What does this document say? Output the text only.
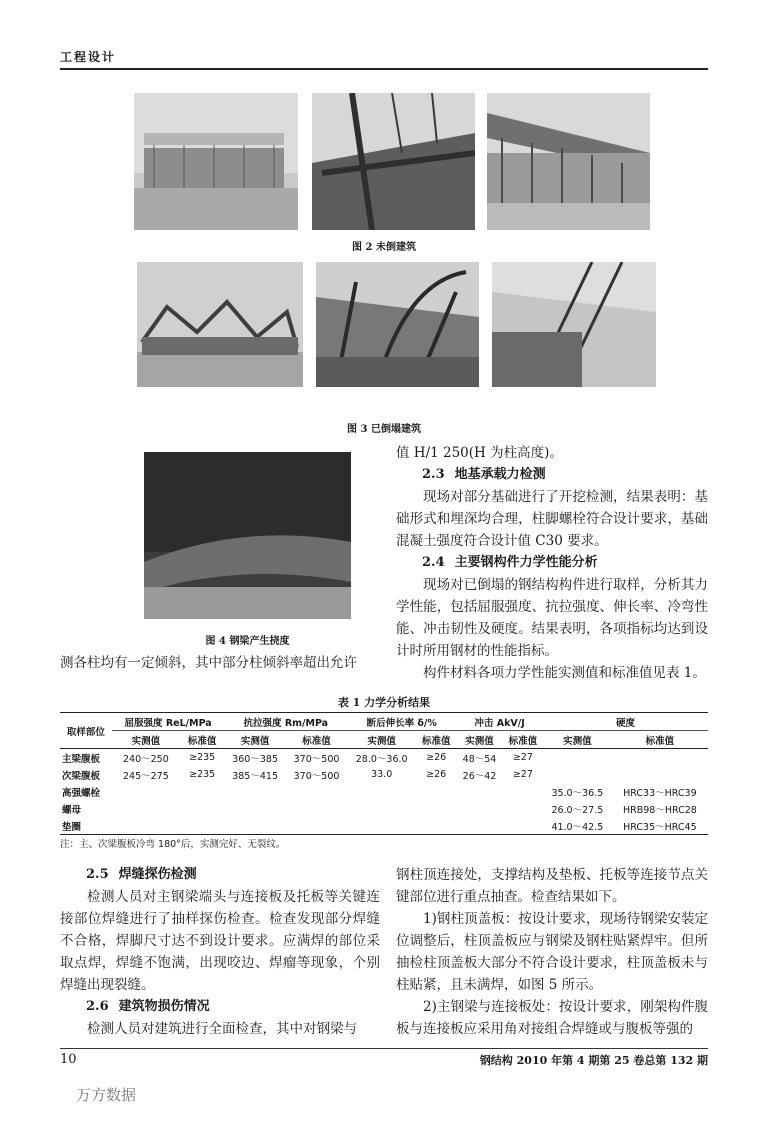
工程设计
图 2 未倒建筑
图 3 已倒塌建筑
图 4 钢梁产生挠度

测各柱均有一定倾斜，其中部分柱倾斜率超出允许

值 H/1 250(H 为柱高度)。

2.3 地基承载力检测

现场对部分基础进行了开挖检测，结果表明：基础形式和埋深均合理，柱脚螺栓符合设计要求，基础混凝土强度符合设计值 C30 要求。

2.4 主要钢构件力学性能分析

现场对已倒塌的钢结构构件进行取样，分析其力学性能，包括屈服强度、抗拉强度、伸长率、冷弯性能、冲击韧性及硬度。结果表明，各项指标均达到设计时所用钢材的性能指标。

构件材料各项力学性能实测值和标准值见表 1。

表 1 力学分析结果
取样部位	屈服强度 ReL/MPa		抗拉强度 Rm/MPa		断后伸长率 δ/%		冲击 AkV/J		硬度	
	实测值	标准值	实测值	标准值	实测值	标准值	实测值	标准值	实测值	标准值
主梁腹板	240～250	≥235	360～385	370～500	28.0～36.0	≥26	48～54	≥27		
次梁腹板	245～275	≥235	385～415	370～500	33.0	≥26	26～42	≥27		
高强螺栓									35.0～36.5	HRC33～HRC39
螺母									26.0～27.5	HRB98～HRC28
垫圈									41.0～42.5	HRC35～HRC45
注：主、次梁腹板冷弯 180°后，实测完好、无裂纹。

2.5 焊缝探伤检测

检测人员对主钢梁端头与连接板及托板等关键连接部位焊缝进行了抽样探伤检查。检查发现部分焊缝不合格，焊脚尺寸达不到设计要求。应满焊的部位采取点焊，焊缝不饱满，出现咬边、焊瘤等现象，个别焊缝出现裂缝。

2.6 建筑物损伤情况

检测人员对建筑进行全面检查，其中对钢梁与

钢柱顶连接处，支撑结构及垫板、托板等连接节点关键部位进行重点抽查。检查结果如下。

1)钢柱顶盖板：按设计要求，现场待钢梁安装定位调整后，柱顶盖板应与钢梁及钢柱贴紧焊牢。但所抽检柱顶盖板大部分不符合设计要求，柱顶盖板未与柱贴紧，且未满焊，如图 5 所示。

2)主钢梁与连接板处：按设计要求，刚架构件腹板与连接板应采用角对接组合焊缝或与腹板等强的

10	钢结构 2010 年第 4 期第 25 卷总第 132 期
万方数据
